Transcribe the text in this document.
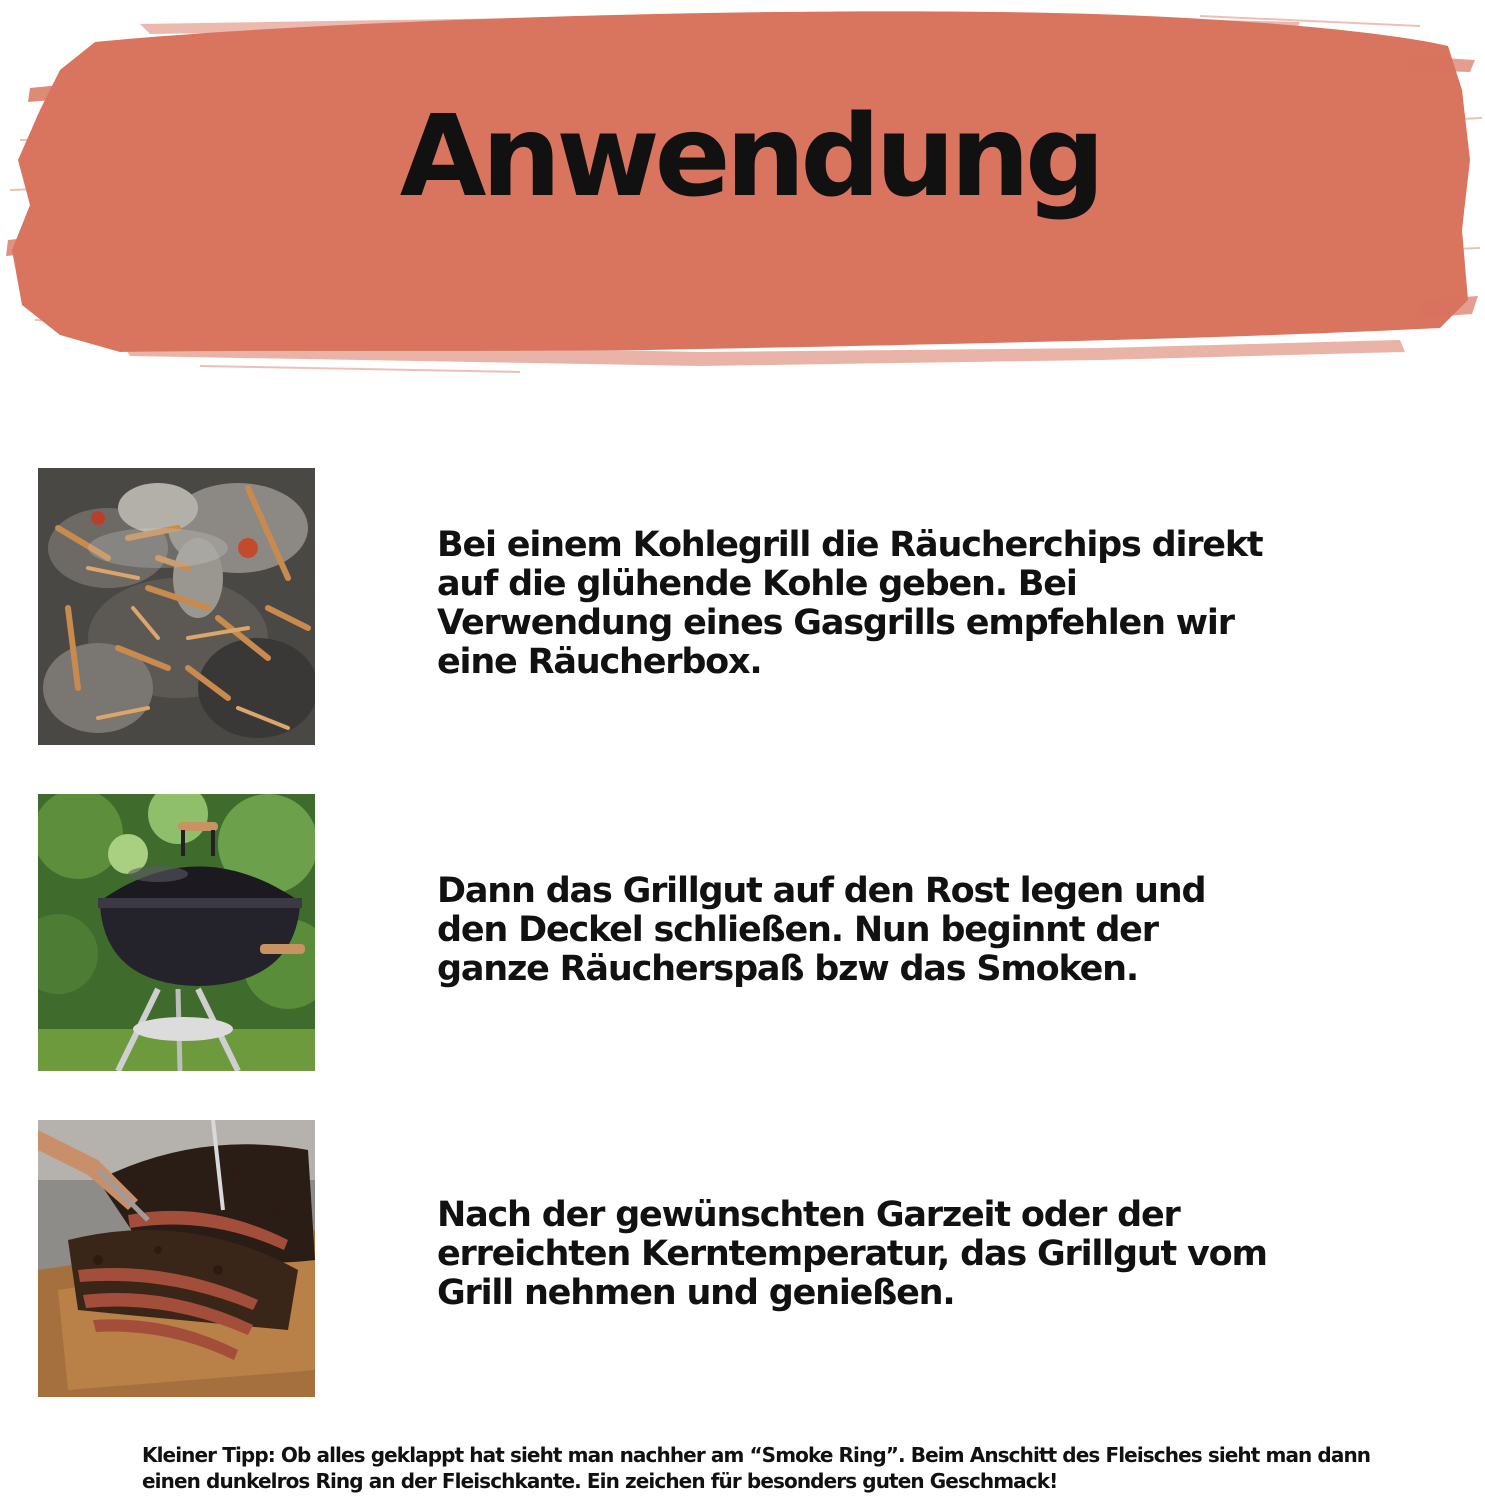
Anwendung
Bei einem Kohlegrill die Räucherchips direkt auf die glühende Kohle geben. Bei Verwendung eines Gasgrills empfehlen wir eine Räucherbox.
Dann das Grillgut auf den Rost legen und den Deckel schließen. Nun beginnt der ganze Räucherspaß bzw das Smoken.
Nach der gewünschten Garzeit oder der erreichten Kerntemperatur, das Grillgut vom Grill nehmen und genießen.
Kleiner Tipp: Ob alles geklappt hat sieht man nachher am “Smoke Ring”. Beim Anschitt des Fleisches sieht man dann einen dunkelros Ring an der Fleischkante. Ein zeichen für besonders guten Geschmack!
